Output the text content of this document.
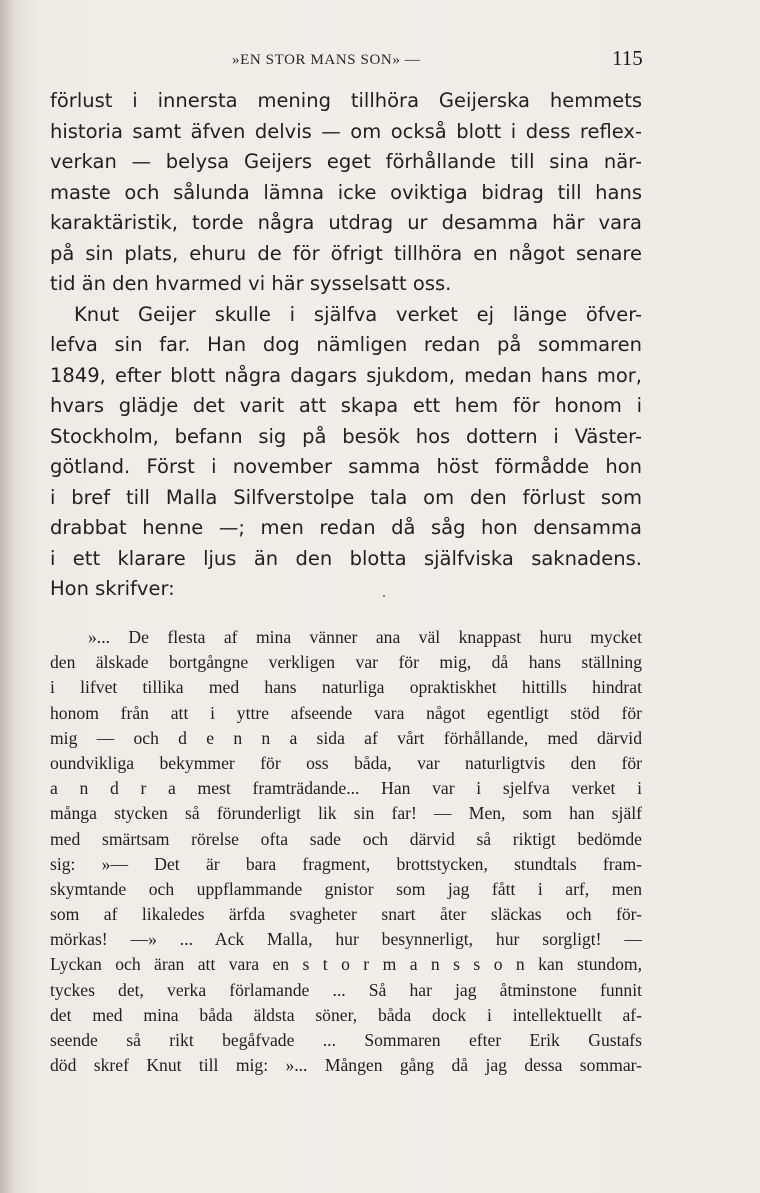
»EN STOR MANS SON» —	115
förlust i innersta mening tillhöra Geijerska hemmets
historia samt äfven delvis — om också blott i dess reflex-
verkan — belysa Geijers eget förhållande till sina när-
maste och sålunda lämna icke oviktiga bidrag till hans
karaktäristik, torde några utdrag ur desamma här vara
på sin plats, ehuru de för öfrigt tillhöra en något senare
tid än den hvarmed vi här sysselsatt oss.
Knut Geijer skulle i själfva verket ej länge öfver-
lefva sin far. Han dog nämligen redan på sommaren
1849, efter blott några dagars sjukdom, medan hans mor,
hvars glädje det varit att skapa ett hem för honom i
Stockholm, befann sig på besök hos dottern i Väster-
götland. Först i november samma höst förmådde hon
i bref till Malla Silfverstolpe tala om den förlust som
drabbat henne —; men redan då såg hon densamma
i ett klarare ljus än den blotta själfviska saknadens.
Hon skrifver:
»... De flesta af mina vänner ana väl knappast huru mycket
den älskade bortgångne verkligen var för mig, då hans ställning
i lifvet tillika med hans naturliga opraktiskhet hittills hindrat
honom från att i yttre afseende vara något egentligt stöd för
mig — och d e n n a sida af vårt förhållande, med därvid
oundvikliga bekymmer för oss båda, var naturligtvis den för
a n d r a mest framträdande... Han var i sjelfva verket i
många stycken så förunderligt lik sin far! — Men, som han själf
med smärtsam rörelse ofta sade och därvid så riktigt bedömde
sig: »— Det är bara fragment, brottstycken, stundtals fram-
skymtande och uppflammande gnistor som jag fått i arf, men
som af likaledes ärfda svagheter snart åter släckas och för-
mörkas! —» ... Ack Malla, hur besynnerligt, hur sorgligt! —
Lyckan och äran att vara en s t o r m a n s s o n kan stundom,
tyckes det, verka förlamande ... Så har jag åtminstone funnit
det med mina båda äldsta söner, båda dock i intellektuellt af-
seende så rikt begåfvade ... Sommaren efter Erik Gustafs
död skref Knut till mig: »... Mången gång då jag dessa sommar-
